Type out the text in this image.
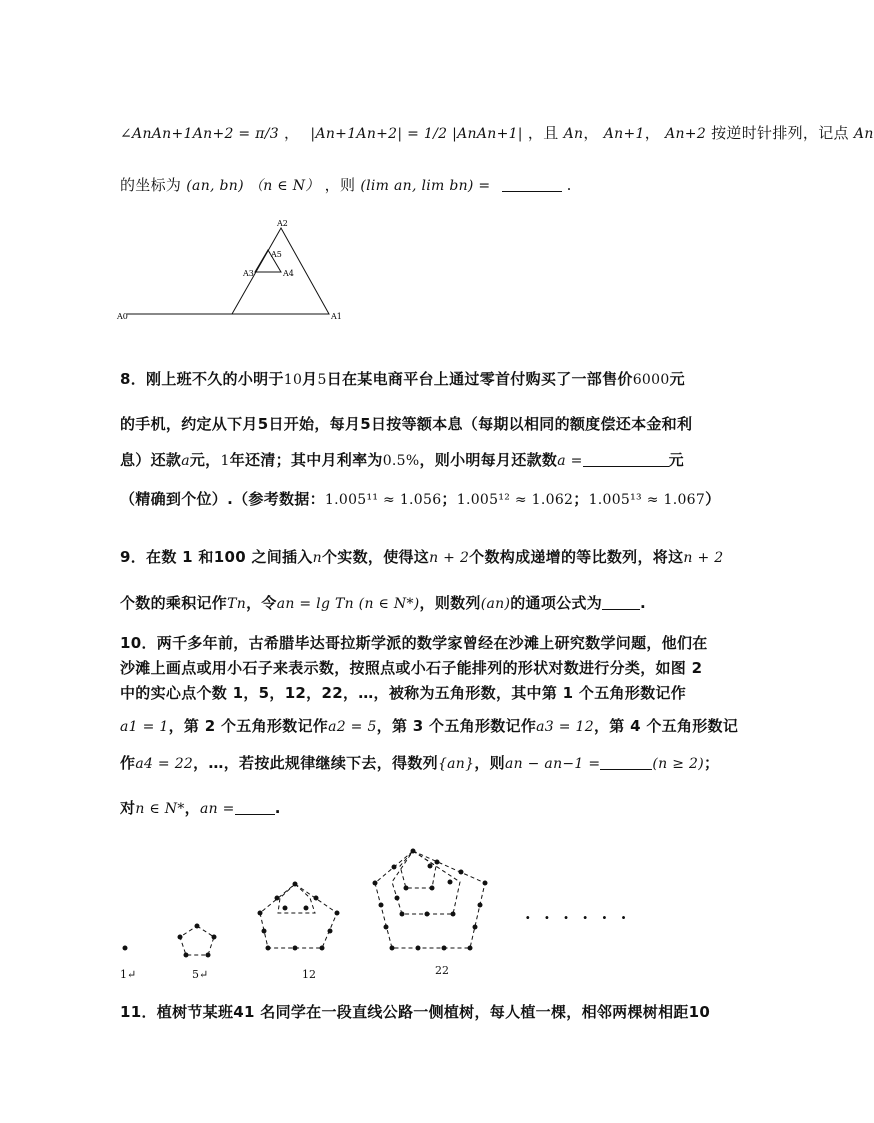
∠AnAn+1An+2 = π/3 ， |An+1An+2| = 1/2 |AnAn+1| ，且 An， An+1， An+2 按逆时针排列，记点 An
的坐标为 (an, bn) （n ∈ N） ，则 (lim an, lim bn) =	.
A0	A1
A2
A3	A4
A5
8．刚上班不久的小明于10月5日在某电商平台上通过零首付购买了一部售价6000元
的手机，约定从下月5日开始，每月5日按等额本息（每期以相同的额度偿还本金和利
息）还款a元，1年还清；其中月利率为0.5%，则小明每月还款数a =	元
（精确到个位）.（参考数据：1.005¹¹ ≈ 1.056；1.005¹² ≈ 1.062；1.005¹³ ≈ 1.067）
9．在数 1 和100 之间插入n个实数，使得这n + 2个数构成递增的等比数列，将这n + 2
个数的乘积记作Tn，令an = lg Tn (n ∈ N*)，则数列(an)的通项公式为	.
10．两千多年前，古希腊毕达哥拉斯学派的数学家曾经在沙滩上研究数学问题，他们在
沙滩上画点或用小石子来表示数，按照点或小石子能排列的形状对数进行分类，如图 2
中的实心点个数 1，5，12，22，…，被称为五角形数，其中第 1 个五角形数记作
a1 = 1，第 2 个五角形数记作a2 = 5，第 3 个五角形数记作a3 = 12，第 4 个五角形数记
作a4 = 22，…，若按此规律继续下去，得数列{an}，则an − an−1 =	(n ≥ 2)；
对n ∈ N*，an =	.
· · · · · ·
1↵	5↵	12	22
11．植树节某班41 名同学在一段直线公路一侧植树，每人植一棵，相邻两棵树相距10
